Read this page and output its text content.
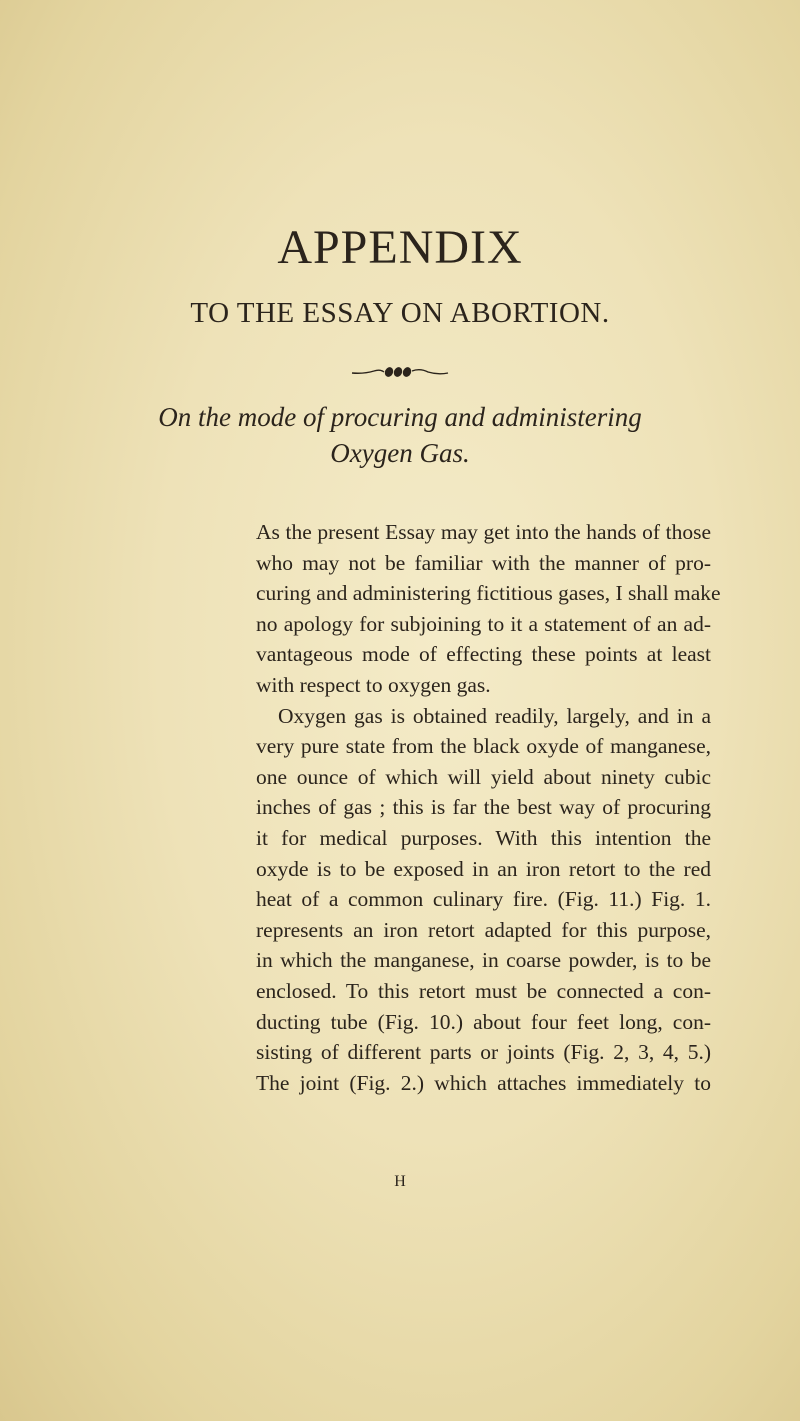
APPENDIX
TO THE ESSAY ON ABORTION.
On the mode of procuring and administering
Oxygen Gas.
As the present Essay may get into the hands of those
who may not be familiar with the manner of pro-
curing and administering fictitious gases, I shall make
no apology for subjoining to it a statement of an ad-
vantageous mode of effecting these points at least
with respect to oxygen gas.
Oxygen gas is obtained readily, largely, and in a
very pure state from the black oxyde of manganese,
one ounce of which will yield about ninety cubic
inches of gas ; this is far the best way of procuring
it for medical purposes. With this intention the
oxyde is to be exposed in an iron retort to the red
heat of a common culinary fire. (Fig. 11.) Fig. 1.
represents an iron retort adapted for this purpose,
in which the manganese, in coarse powder, is to be
enclosed. To this retort must be connected a con-
ducting tube (Fig. 10.) about four feet long, con-
sisting of different parts or joints (Fig. 2, 3, 4, 5.)
The joint (Fig. 2.) which attaches immediately to
H
